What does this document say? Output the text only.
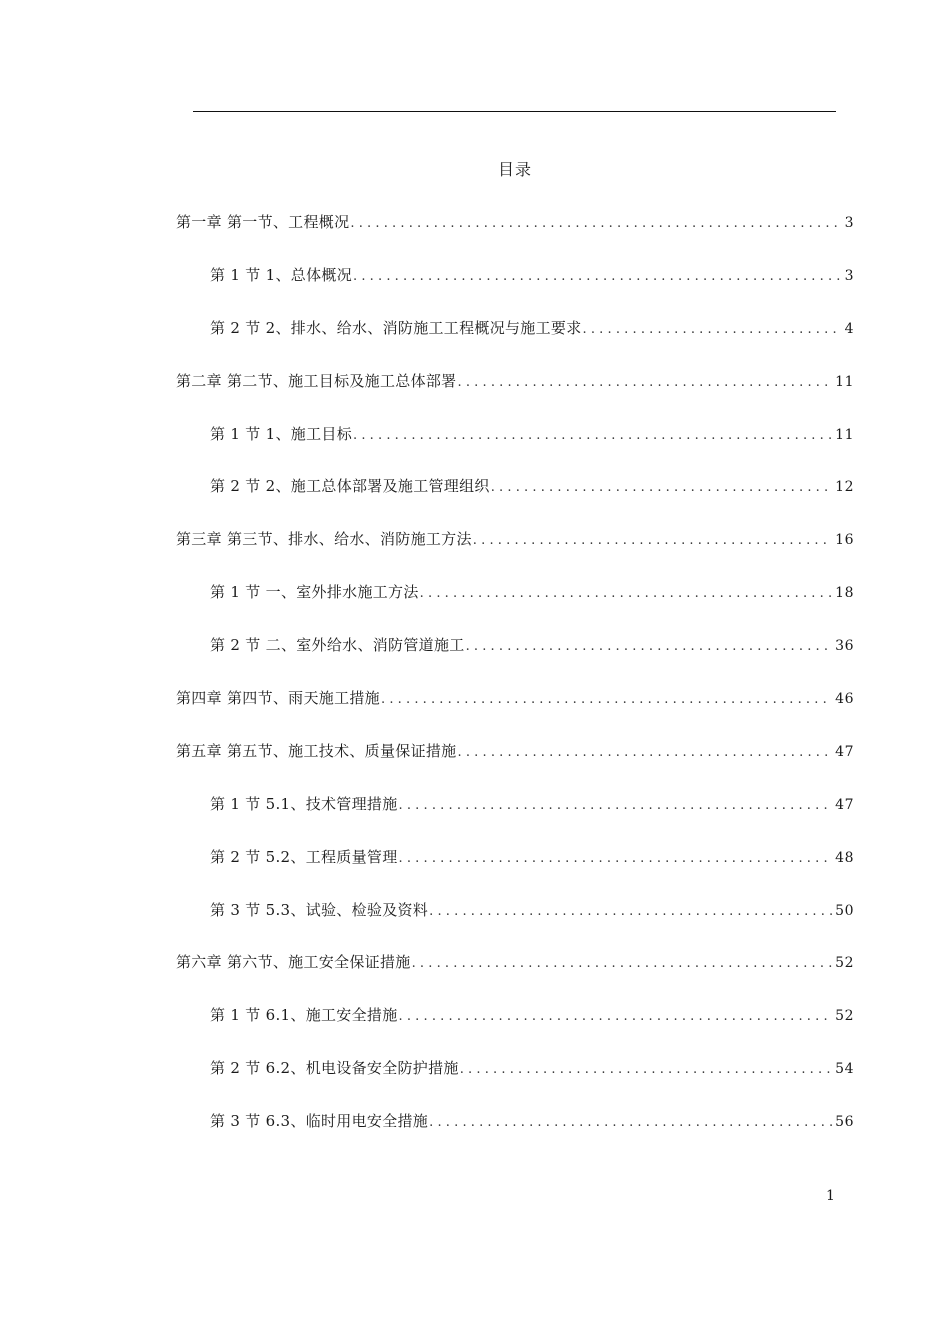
目录
第一章 第一节、工程概况 .....	3
第 1 节 1、总体概况 .....	3
第 2 节 2、排水、给水、消防施工工程概况与施工要求 .....	4
第二章 第二节、施工目标及施工总体部署 .....	11
第 1 节 1、施工目标 .....	11
第 2 节 2、施工总体部署及施工管理组织 .....	12
第三章 第三节、排水、给水、消防施工方法 .....	16
第 1 节 一、室外排水施工方法 .....	18
第 2 节 二、室外给水、消防管道施工 .....	36
第四章 第四节、雨天施工措施 .....	46
第五章 第五节、施工技术、质量保证措施 .....	47
第 1 节 5.1、技术管理措施 .....	47
第 2 节 5.2、工程质量管理 .....	48
第 3 节 5.3、试验、检验及资料 .....	50
第六章 第六节、施工安全保证措施 .....	52
第 1 节 6.1、施工安全措施 .....	52
第 2 节 6.2、机电设备安全防护措施 .....	54
第 3 节 6.3、临时用电安全措施 .....	56
1
